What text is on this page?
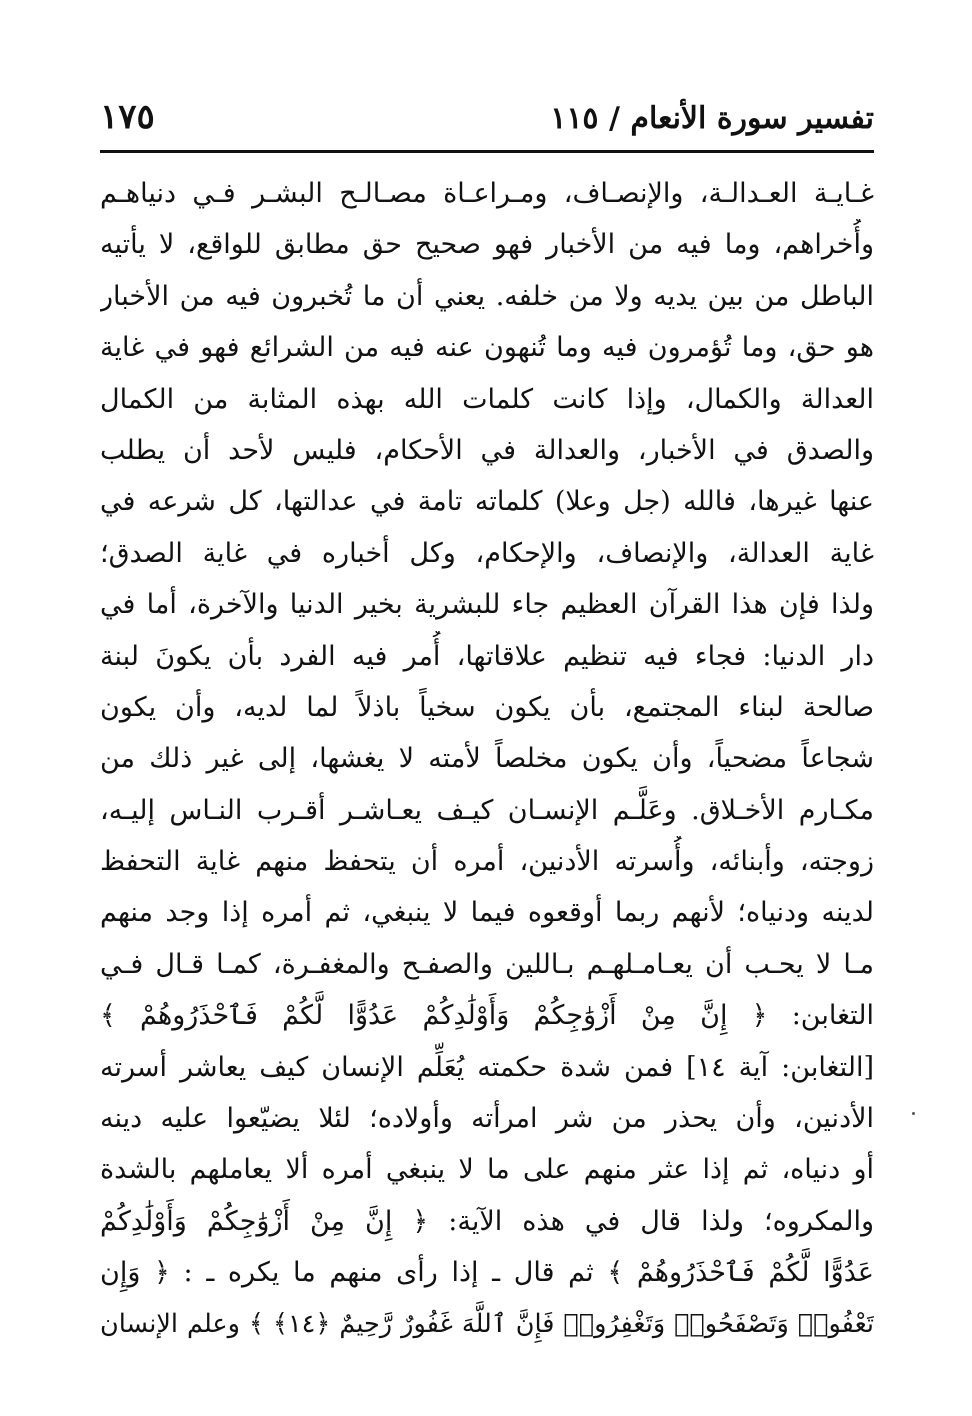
تفسير سورة الأنعام / ١١٥
١٧٥
غـايـة العـدالـة، والإنصـاف، ومـراعـاة مصـالـح البشـر فـي دنياهـم
وأُخراهم، وما فيه من الأخبار فهو صحيح حق مطابق للواقع، لا يأتيه
الباطل من بين يديه ولا من خلفه. يعني أن ما تُخبرون فيه من الأخبار
هو حق، وما تُؤمرون فيه وما تُنهون عنه فيه من الشرائع فهو في غاية
العدالة والكمال، وإذا كانت كلمات الله بهذه المثابة من الكمال
والصدق في الأخبار، والعدالة في الأحكام، فليس لأحد أن يطلب
عنها غيرها، فالله (جل وعلا) كلماته تامة في عدالتها، كل شرعه في
غاية العدالة، والإنصاف، والإحكام، وكل أخباره في غاية الصدق؛
ولذا فإن هذا القرآن العظيم جاء للبشرية بخير الدنيا والآخرة، أما في
دار الدنيا: فجاء فيه تنظيم علاقاتها، أُمر فيه الفرد بأن يكونَ لبنة
صالحة لبناء المجتمع، بأن يكون سخياً باذلاً لما لديه، وأن يكون
شجاعاً مضحياً، وأن يكون مخلصاً لأمته لا يغشها، إلى غير ذلك من
مكـارم الأخـلاق. وعَلَّـم الإنسـان كيـف يعـاشـر أقـرب النـاس إليـه،
زوجته، وأبنائه، وأُسرته الأدنين، أمره أن يتحفظ منهم غاية التحفظ
لدينه ودنياه؛ لأنهم ربما أوقعوه فيما لا ينبغي، ثم أمره إذا وجد منهم
مـا لا يحـب أن يعـامـلهـم بـاللين والصفـح والمغفـرة، كمـا قـال فـي
التغابن: ﴿ إِنَّ مِنْ أَزْوَٰجِكُمْ وَأَوْلَٰدِكُمْ عَدُوًّا لَّكُمْ فَٱحْذَرُوهُمْ ﴾
[التغابن: آية ١٤] فمن شدة حكمته يُعَلِّم الإنسان كيف يعاشر أسرته
الأدنين، وأن يحذر من شر امرأته وأولاده؛ لئلا يضيّعوا عليه دينه
أو دنياه، ثم إذا عثر منهم على ما لا ينبغي أمره ألا يعاملهم بالشدة
والمكروه؛ ولذا قال في هذه الآية: ﴿ إِنَّ مِنْ أَزْوَٰجِكُمْ وَأَوْلَٰدِكُمْ
عَدُوًّا لَّكُمْ فَٱحْذَرُوهُمْ ﴾ ثم قال ـ إذا رأى منهم ما يكره ـ : ﴿ وَإِن
تَعْفُوا۟ وَتَصْفَحُوا۟ وَتَغْفِرُوا۟ فَإِنَّ ٱللَّهَ غَفُورٌ رَّحِيمٌ ﴿١٤﴾ ﴾ وعلم الإنسان
